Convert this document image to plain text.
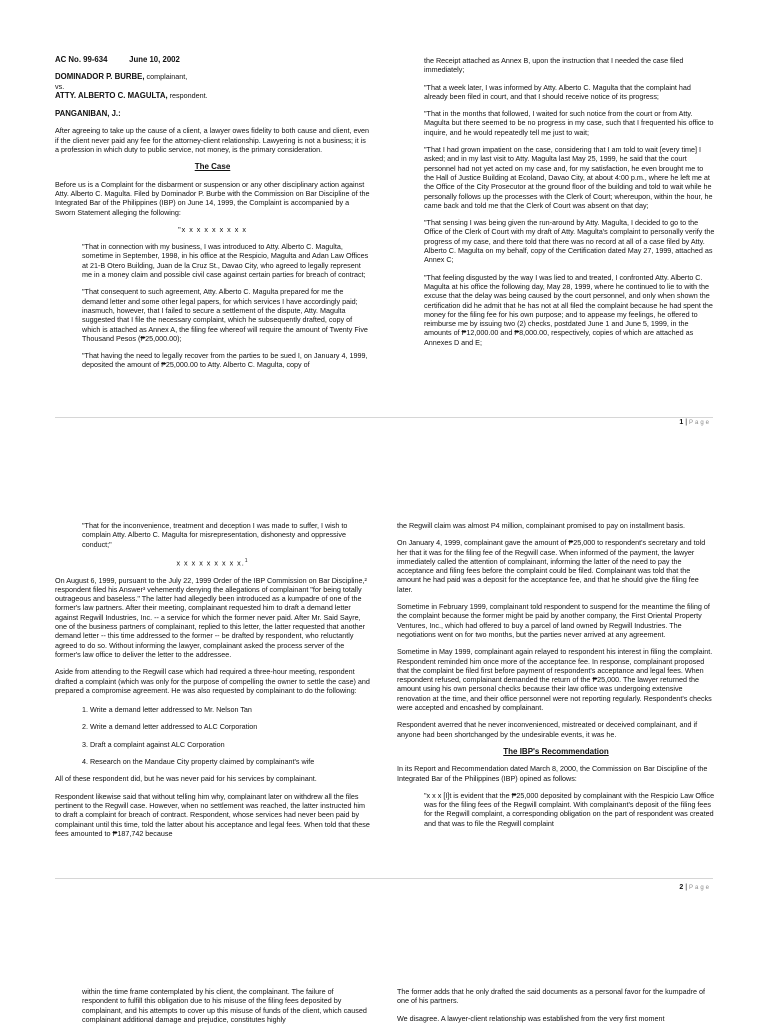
AC No. 99-634	June 10, 2002

DOMINADOR P. BURBE, complainant,
vs.
ATTY. ALBERTO C. MAGULTA, respondent.

PANGANIBAN, J.:

After agreeing to take up the cause of a client, a lawyer owes fidelity to both cause and client, even if the client never paid any fee for the attorney-client relationship. Lawyering is not a business; it is a profession in which duty to public service, not money, is the primary consideration.

The Case

Before us is a Complaint for the disbarment or suspension or any other disciplinary action against Atty. Alberto C. Magulta. Filed by Dominador P. Burbe with the Commission on Bar Discipline of the Integrated Bar of the Philippines (IBP) on June 14, 1999, the Complaint is accompanied by a Sworn Statement alleging the following:

"x x x x x x x x x

"That in connection with my business, I was introduced to Atty. Alberto C. Magulta, sometime in September, 1998, in his office at the Respicio, Magulta and Adan Law Offices at 21-B Otero Building, Juan de la Cruz St., Davao City, who agreed to legally represent me in a money claim and possible civil case against certain parties for breach of contract;

"That consequent to such agreement, Atty. Alberto C. Magulta prepared for me the demand letter and some other legal papers, for which services I have accordingly paid; inasmuch, however, that I failed to secure a settlement of the dispute, Atty. Magulta suggested that I file the necessary complaint, which he subsequently drafted, copy of which is attached as Annex A, the filing fee whereof will require the amount of Twenty Five Thousand Pesos (₱25,000.00);

"That having the need to legally recover from the parties to be sued I, on January 4, 1999, deposited the amount of ₱25,000.00 to Atty. Alberto C. Magulta, copy of

the Receipt attached as Annex B, upon the instruction that I needed the case filed immediately;

"That a week later, I was informed by Atty. Alberto C. Magulta that the complaint had already been filed in court, and that I should receive notice of its progress;

"That in the months that followed, I waited for such notice from the court or from Atty. Magulta but there seemed to be no progress in my case, such that I frequented his office to inquire, and he would repeatedly tell me just to wait;

"That I had grown impatient on the case, considering that I am told to wait [every time] I asked; and in my last visit to Atty. Magulta last May 25, 1999, he said that the court personnel had not yet acted on my case and, for my satisfaction, he even brought me to the Hall of Justice Building at Ecoland, Davao City, at about 4:00 p.m., where he left me at the Office of the City Prosecutor at the ground floor of the building and told to wait while he personally follows up the processes with the Clerk of Court; whereupon, within the hour, he came back and told me that the Clerk of Court was absent on that day;

"That sensing I was being given the run-around by Atty. Magulta, I decided to go to the Office of the Clerk of Court with my draft of Atty. Magulta's complaint to personally verify the progress of my case, and there told that there was no record at all of a case filed by Atty. Alberto C. Magulta on my behalf, copy of the Certification dated May 27, 1999, attached as Annex C;

"That feeling disgusted by the way I was lied to and treated, I confronted Atty. Alberto C. Magulta at his office the following day, May 28, 1999, where he continued to lie to with the excuse that the delay was being caused by the court personnel, and only when shown the certification did he admit that he has not at all filed the complaint because he had spent the money for the filing fee for his own purpose; and to appease my feelings, he offered to reimburse me by issuing two (2) checks, postdated June 1 and June 5, 1999, in the amounts of ₱12,000.00 and ₱8,000.00, respectively, copies of which are attached as Annexes D and E;

1 | Page

"That for the inconvenience, treatment and deception I was made to suffer, I wish to complain Atty. Alberto C. Magulta for misrepresentation, dishonesty and oppressive conduct;"

x x x x x x x x x.$^1$

On August 6, 1999, pursuant to the July 22, 1999 Order of the IBP Commission on Bar Discipline,² respondent filed his Answer³ vehemently denying the allegations of complainant "for being totally outrageous and baseless." The latter had allegedly been introduced as a kumpadre of one of the former's law partners. After their meeting, complainant requested him to draft a demand letter against Regwill Industries, Inc. -- a service for which the former never paid. After Mr. Said Sayre, one of the business partners of complainant, replied to this letter, the latter requested that another demand letter -- this time addressed to the former -- be drafted by respondent, who reluctantly agreed to do so. Without informing the lawyer, complainant asked the process server of the former's law office to deliver the letter to the addressee.

Aside from attending to the Regwill case which had required a three-hour meeting, respondent drafted a complaint (which was only for the purpose of compelling the owner to settle the case) and prepared a compromise agreement. He was also requested by complainant to do the following:

1. Write a demand letter addressed to Mr. Nelson Tan

2. Write a demand letter addressed to ALC Corporation

3. Draft a complaint against ALC Corporation

4. Research on the Mandaue City property claimed by complainant's wife

All of these respondent did, but he was never paid for his services by complainant.

Respondent likewise said that without telling him why, complainant later on withdrew all the files pertinent to the Regwill case. However, when no settlement was reached, the latter instructed him to draft a complaint for breach of contract. Respondent, whose services had never been paid by complainant until this time, told the latter about his acceptance and legal fees. When told that these fees amounted to ₱187,742 because

the Regwill claim was almost P4 million, complainant promised to pay on installment basis.

On January 4, 1999, complainant gave the amount of ₱25,000 to respondent's secretary and told her that it was for the filing fee of the Regwill case. When informed of the payment, the lawyer immediately called the attention of complainant, informing the latter of the need to pay the acceptance and filing fees before the complaint could be filed. Complainant was told that the amount he had paid was a deposit for the acceptance fee, and that he should give the filing fee later.

Sometime in February 1999, complainant told respondent to suspend for the meantime the filing of the complaint because the former might be paid by another company, the First Oriental Property Ventures, Inc., which had offered to buy a parcel of land owned by Regwill Industries. The negotiations went on for two months, but the parties never arrived at any agreement.

Sometime in May 1999, complainant again relayed to respondent his interest in filing the complaint. Respondent reminded him once more of the acceptance fee. In response, complainant proposed that the complaint be filed first before payment of respondent's acceptance and legal fees. When respondent refused, complainant demanded the return of the ₱25,000. The lawyer returned the amount using his own personal checks because their law office was undergoing extensive renovation at the time, and their office personnel were not reporting regularly. Respondent's checks were accepted and encashed by complainant.

Respondent averred that he never inconvenienced, mistreated or deceived complainant, and if anyone had been shortchanged by the undesirable events, it was he.

The IBP's Recommendation

In its Report and Recommendation dated March 8, 2000, the Commission on Bar Discipline of the Integrated Bar of the Philippines (IBP) opined as follows:

"x x x [I]t is evident that the ₱25,000 deposited by complainant with the Respicio Law Office was for the filing fees of the Regwill complaint. With complainant's deposit of the filing fees for the Regwill complaint, a corresponding obligation on the part of respondent was created and that was to file the Regwill complaint

2 | Page

within the time frame contemplated by his client, the complainant. The failure of respondent to fulfill this obligation due to his misuse of the filing fees deposited by complainant, and his attempts to cover up this misuse of funds of the client, which caused complainant additional damage and prejudice, constitutes highly

The former adds that he only drafted the said documents as a personal favor for the kumpadre of one of his partners.

We disagree. A lawyer-client relationship was established from the very first moment
